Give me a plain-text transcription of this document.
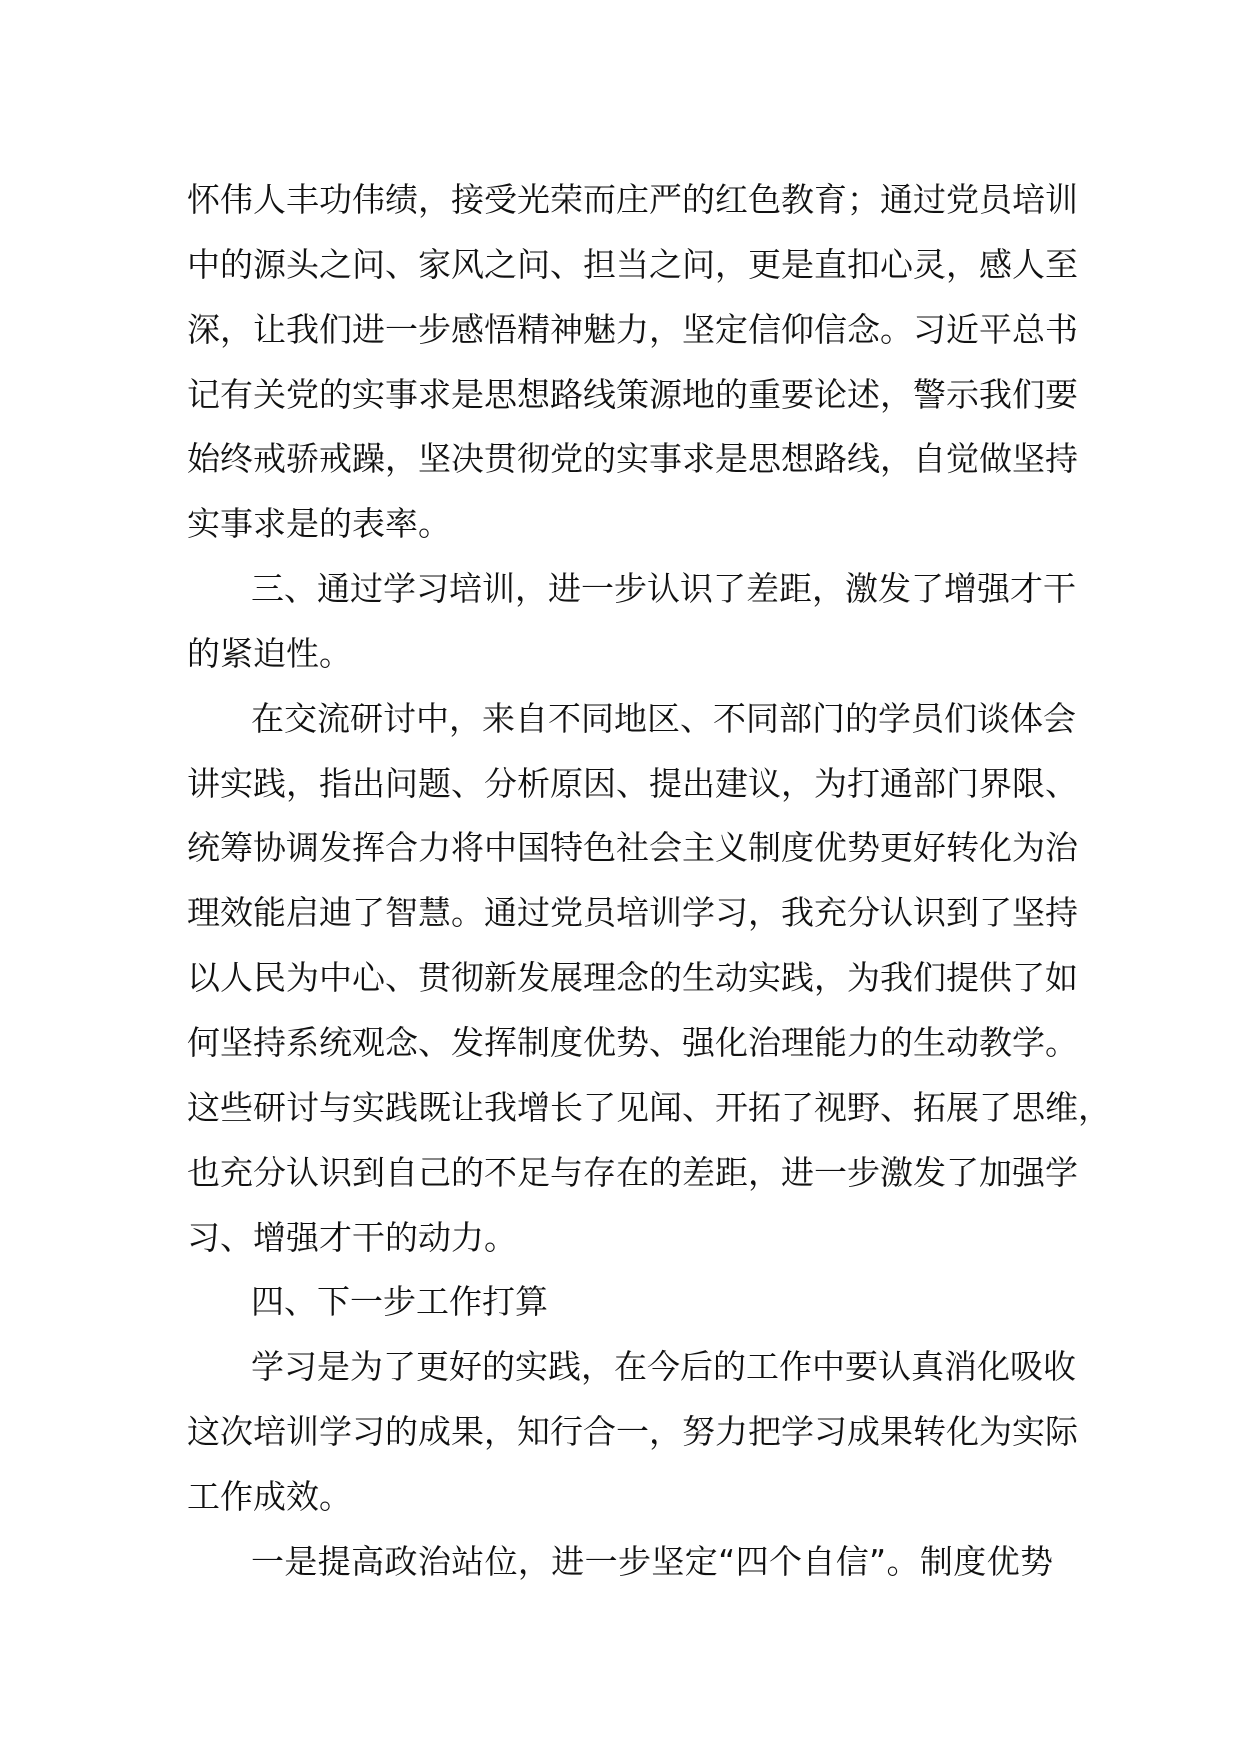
怀伟人丰功伟绩，接受光荣而庄严的红色教育；通过党员培训
中的源头之问、家风之问、担当之问，更是直扣心灵，感人至
深，让我们进一步感悟精神魅力，坚定信仰信念。习近平总书
记有关党的实事求是思想路线策源地的重要论述，警示我们要
始终戒骄戒躁，坚决贯彻党的实事求是思想路线，自觉做坚持
实事求是的表率。
三、通过学习培训，进一步认识了差距，激发了增强才干
的紧迫性。
在交流研讨中，来自不同地区、不同部门的学员们谈体会
讲实践，指出问题、分析原因、提出建议，为打通部门界限、
统筹协调发挥合力将中国特色社会主义制度优势更好转化为治
理效能启迪了智慧。通过党员培训学习，我充分认识到了坚持
以人民为中心、贯彻新发展理念的生动实践，为我们提供了如
何坚持系统观念、发挥制度优势、强化治理能力的生动教学。
这些研讨与实践既让我增长了见闻、开拓了视野、拓展了思维，
也充分认识到自己的不足与存在的差距，进一步激发了加强学
习、增强才干的动力。
四、下一步工作打算
学习是为了更好的实践，在今后的工作中要认真消化吸收
这次培训学习的成果，知行合一，努力把学习成果转化为实际
工作成效。
一是提高政治站位，进一步坚定“四个自信”。制度优势
